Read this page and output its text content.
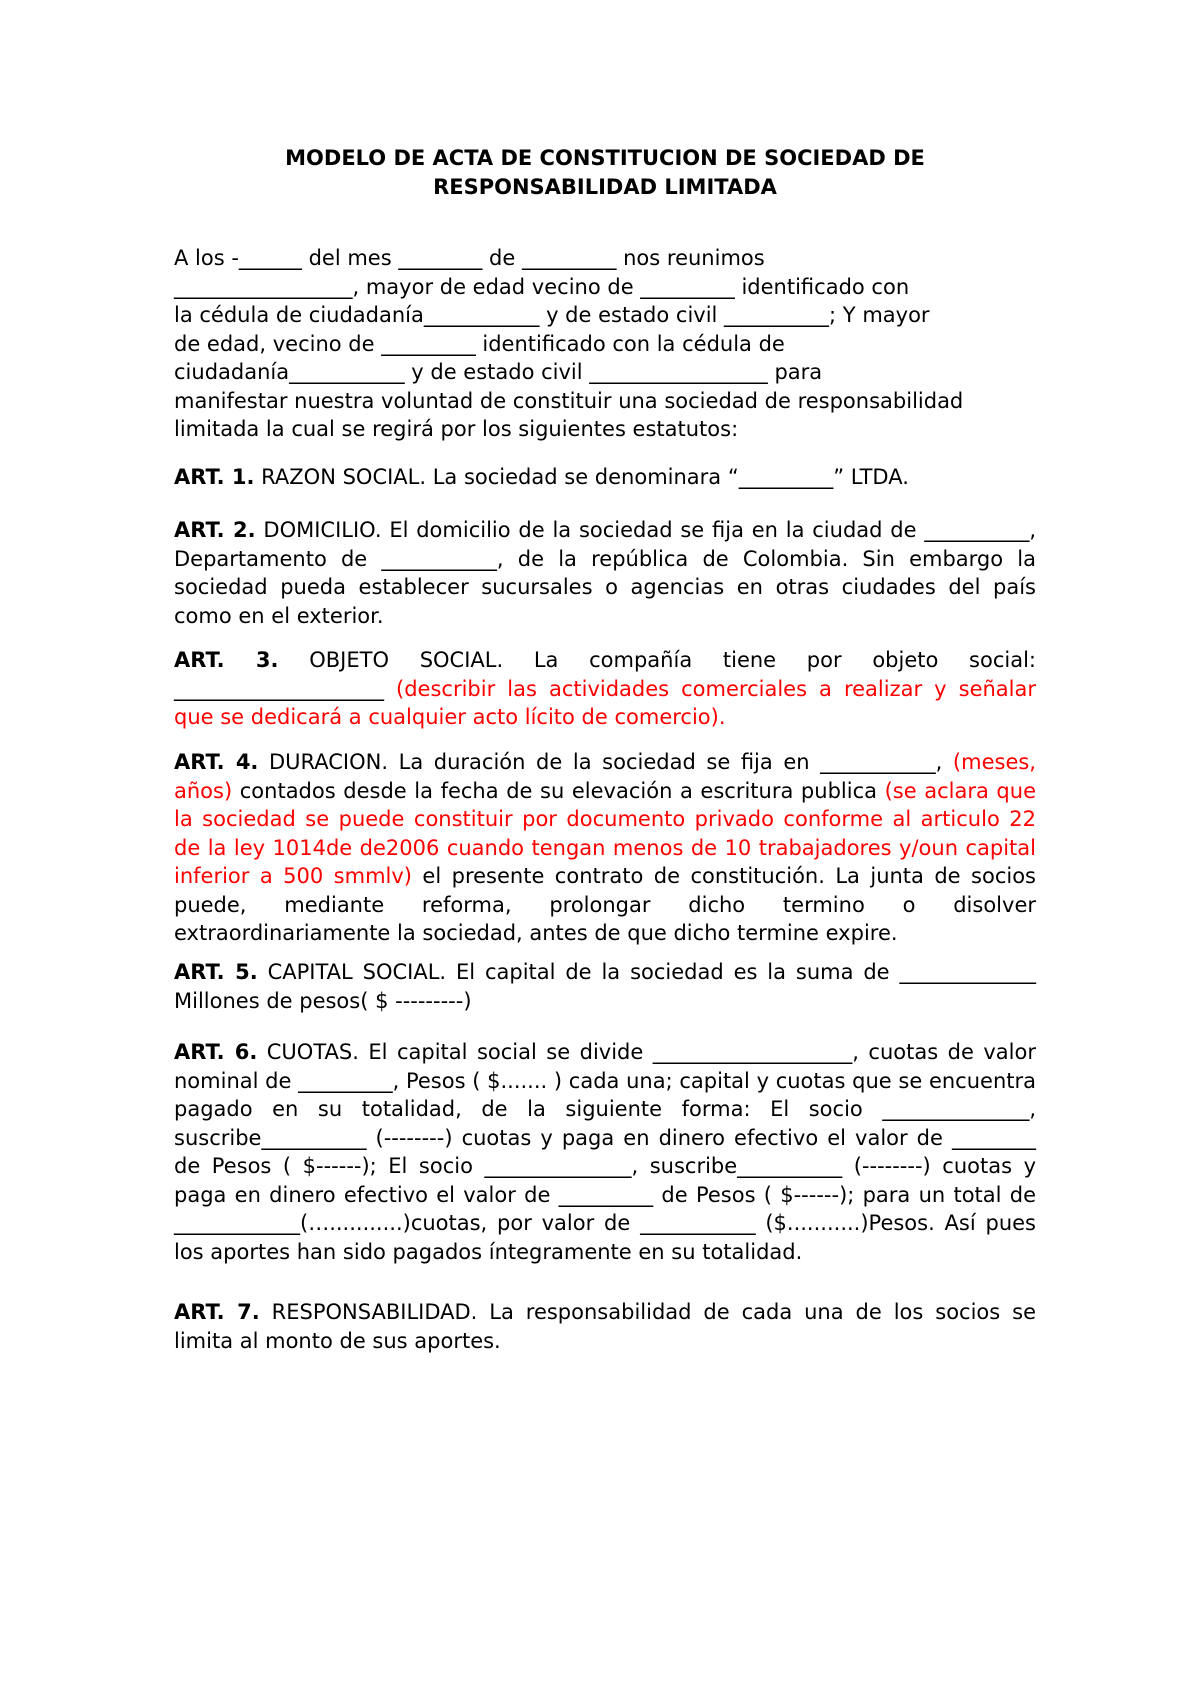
MODELO DE ACTA DE CONSTITUCION DE SOCIEDAD DE
RESPONSABILIDAD LIMITADA

A los -______ del mes ________ de _________ nos reunimos
_________________, mayor de edad vecino de _________ identificado con
la cédula de ciudadanía___________ y de estado civil __________; Y mayor
de edad, vecino de _________ identificado con la cédula de
ciudadanía___________ y de estado civil _________________ para
manifestar nuestra voluntad de constituir una sociedad de responsabilidad
limitada la cual se regirá por los siguientes estatutos:

ART. 1. RAZON SOCIAL. La sociedad se denominara “_________” LTDA.

ART. 2. DOMICILIO. El domicilio de la sociedad se fija en la ciudad de __________, Departamento de ___________, de la república de Colombia. Sin embargo la sociedad pueda establecer sucursales o agencias en otras ciudades del país como en el exterior.

ART. 3. OBJETO SOCIAL. La compañía tiene por objeto social: ____________________ (describir las actividades comerciales a realizar y señalar que se dedicará a cualquier acto lícito de comercio).

ART. 4. DURACION. La duración de la sociedad se fija en ___________, (meses, años) contados desde la fecha de su elevación a escritura publica (se aclara que la sociedad se puede constituir por documento privado conforme al articulo 22 de la ley 1014de de2006 cuando tengan menos de 10 trabajadores y/oun capital inferior a 500 smmlv) el presente contrato de constitución. La junta de socios puede, mediante reforma, prolongar dicho termino o disolver extraordinariamente la sociedad, antes de que dicho termine expire.

ART. 5. CAPITAL SOCIAL. El capital de la sociedad es la suma de _____________ Millones de pesos( $ ---------)

ART. 6. CUOTAS. El capital social se divide ___________________, cuotas de valor nominal de _________, Pesos ( $....... ) cada una; capital y cuotas que se encuentra pagado en su totalidad, de la siguiente forma: El socio ______________, suscribe__________ (--------) cuotas y paga en dinero efectivo el valor de ________ de Pesos ( $------); El socio ______________, suscribe__________ (--------) cuotas y paga en dinero efectivo el valor de _________ de Pesos ( $------); para un total de ____________(…...........)cuotas, por valor de ___________ ($...........)Pesos. Así pues los aportes han sido pagados íntegramente en su totalidad.

ART. 7. RESPONSABILIDAD. La responsabilidad de cada una de los socios se limita al monto de sus aportes.
